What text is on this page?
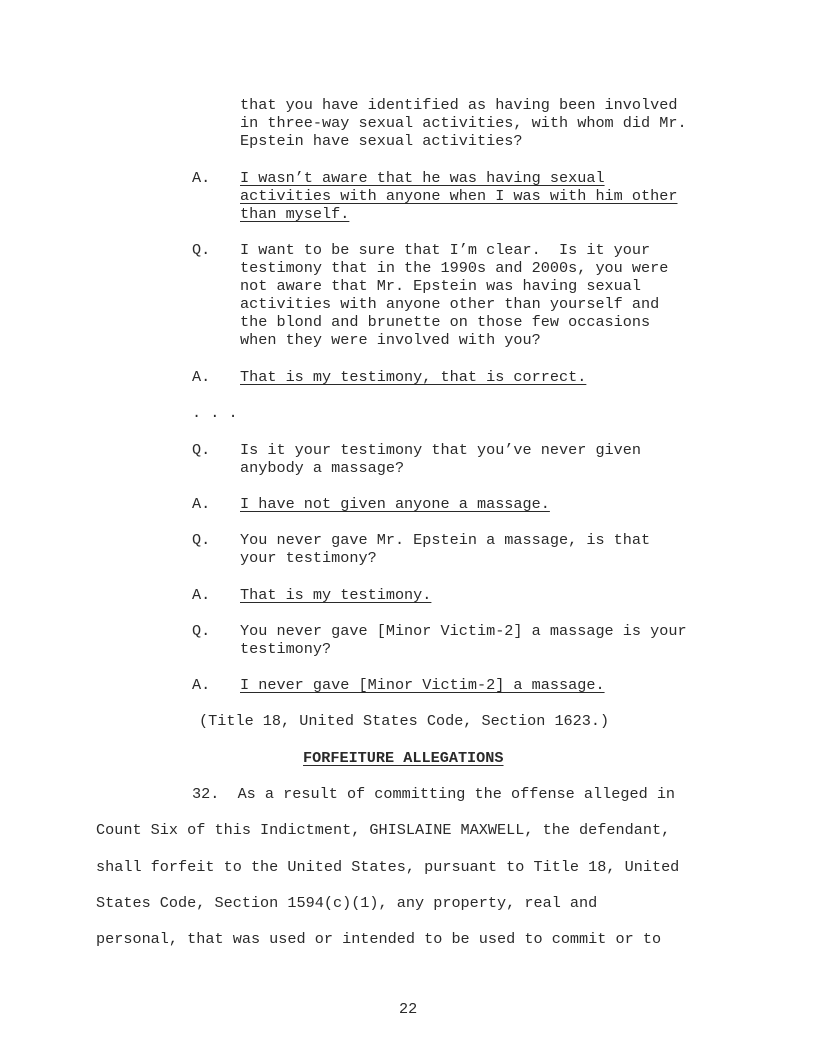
that you have identified as having been involved
in three-way sexual activities, with whom did Mr.
Epstein have sexual activities?
A. I wasn’t aware that he was having sexual
activities with anyone when I was with him other
than myself.
Q. I want to be sure that I’m clear.  Is it your
testimony that in the 1990s and 2000s, you were
not aware that Mr. Epstein was having sexual
activities with anyone other than yourself and
the blond and brunette on those few occasions
when they were involved with you?
A. That is my testimony, that is correct.
. . .
Q. Is it your testimony that you’ve never given
anybody a massage?
A. I have not given anyone a massage.
Q. You never gave Mr. Epstein a massage, is that
your testimony?
A. That is my testimony.
Q. You never gave [Minor Victim-2] a massage is your
testimony?
A. I never gave [Minor Victim-2] a massage.
(Title 18, United States Code, Section 1623.)
FORFEITURE ALLEGATIONS
32.  As a result of committing the offense alleged in
Count Six of this Indictment, GHISLAINE MAXWELL, the defendant,
shall forfeit to the United States, pursuant to Title 18, United
States Code, Section 1594(c)(1), any property, real and
personal, that was used or intended to be used to commit or to
22
